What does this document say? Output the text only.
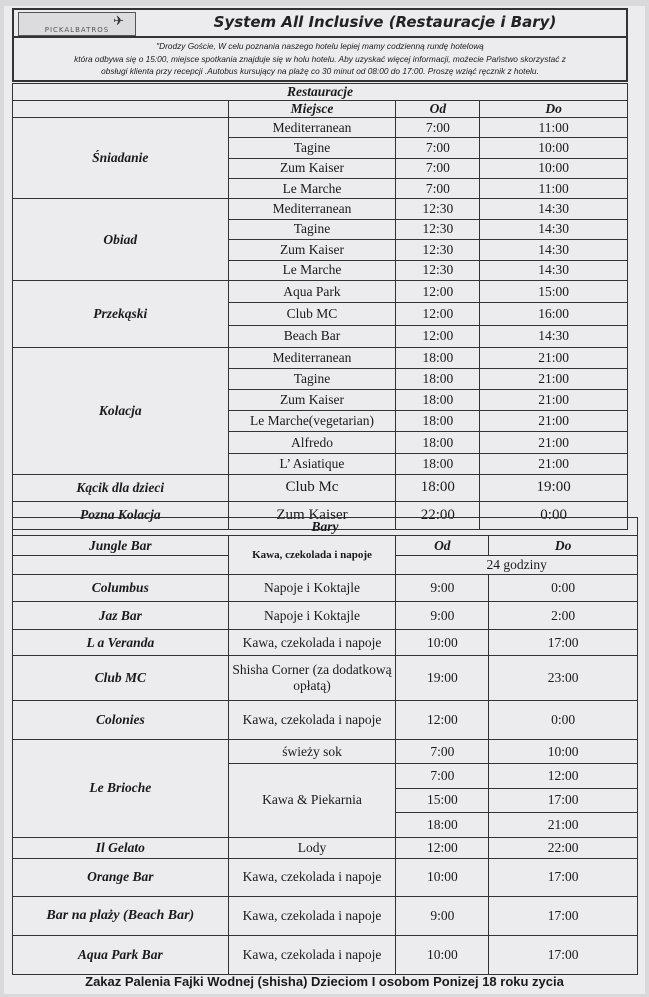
✈
PICKALBATROS	System All Inclusive (Restauracje i Bary)
"Drodzy Goście, W celu poznania naszego hotelu lepiej mamy codzienną rundę hotelową
która odbywa się o 15:00, miejsce spotkania znajduje się w holu hotelu. Aby uzyskać więcej informacji, możecie Państwo skorzystać z
obsługi klienta przy recepcji .Autobus kursujący na plażę co 30 minut od 08:00 do 17:00. Proszę wziąć ręcznik z hotelu.
Restauracje			
	Miejsce	Od	Do
Śniadanie	Mediterranean	7:00	11:00
	Tagine	7:00	10:00
	Zum Kaiser	7:00	10:00
	Le Marche	7:00	11:00
Obiad	Mediterranean	12:30	14:30
	Tagine	12:30	14:30
	Zum Kaiser	12:30	14:30
	Le Marche	12:30	14:30
Przekąski	Aqua Park	12:00	15:00
	Club MC	12:00	16:00
	Beach Bar	12:00	14:30
Kolacja	Mediterranean	18:00	21:00
	Tagine	18:00	21:00
	Zum Kaiser	18:00	21:00
	Le Marche(vegetarian)	18:00	21:00
	Alfredo	18:00	21:00
	L’ Asiatique	18:00	21:00
Kącik dla dzieci	Club Mc	18:00	19:00
Pozna Kolacja	Zum Kaiser	22:00	0:00
Bary			
Jungle Bar	Kawa, czekolada i napoje	Od	Do
		24 godziny	
Columbus	Napoje i Koktajle	9:00	0:00
Jaz Bar	Napoje i Koktajle	9:00	2:00
L a Veranda	Kawa, czekolada i napoje	10:00	17:00
Club MC	Shisha Corner (za dodatkową opłatą)	19:00	23:00
Colonies	Kawa, czekolada i napoje	12:00	0:00
Le Brioche	świeży sok	7:00	10:00
	Kawa & Piekarnia	7:00	12:00
		15:00	17:00
		18:00	21:00
Il Gelato	Lody	12:00	22:00
Orange Bar	Kawa, czekolada i napoje	10:00	17:00
Bar na plaży (Beach Bar)	Kawa, czekolada i napoje	9:00	17:00
Aqua Park Bar	Kawa, czekolada i napoje	10:00	17:00
Zakaz Palenia Fajki Wodnej (shisha) Dzieciom I osobom Ponizej 18 roku zycia
